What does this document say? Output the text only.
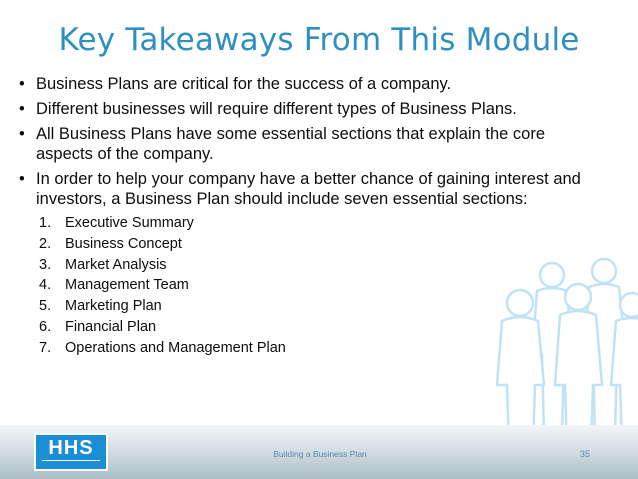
Key Takeaways From This Module
• Business Plans are critical for the success of a company.
• Different businesses will require different types of Business Plans.
• All Business Plans have some essential sections that explain the core aspects of the company.
• In order to help your company have a better chance of gaining interest and investors, a Business Plan should include seven essential sections:
1. Executive Summary
2. Business Concept
3. Market Analysis
4. Management Team
5. Marketing Plan
6. Financial Plan
7. Operations and Management Plan
HHS	Building a Business Plan	35
